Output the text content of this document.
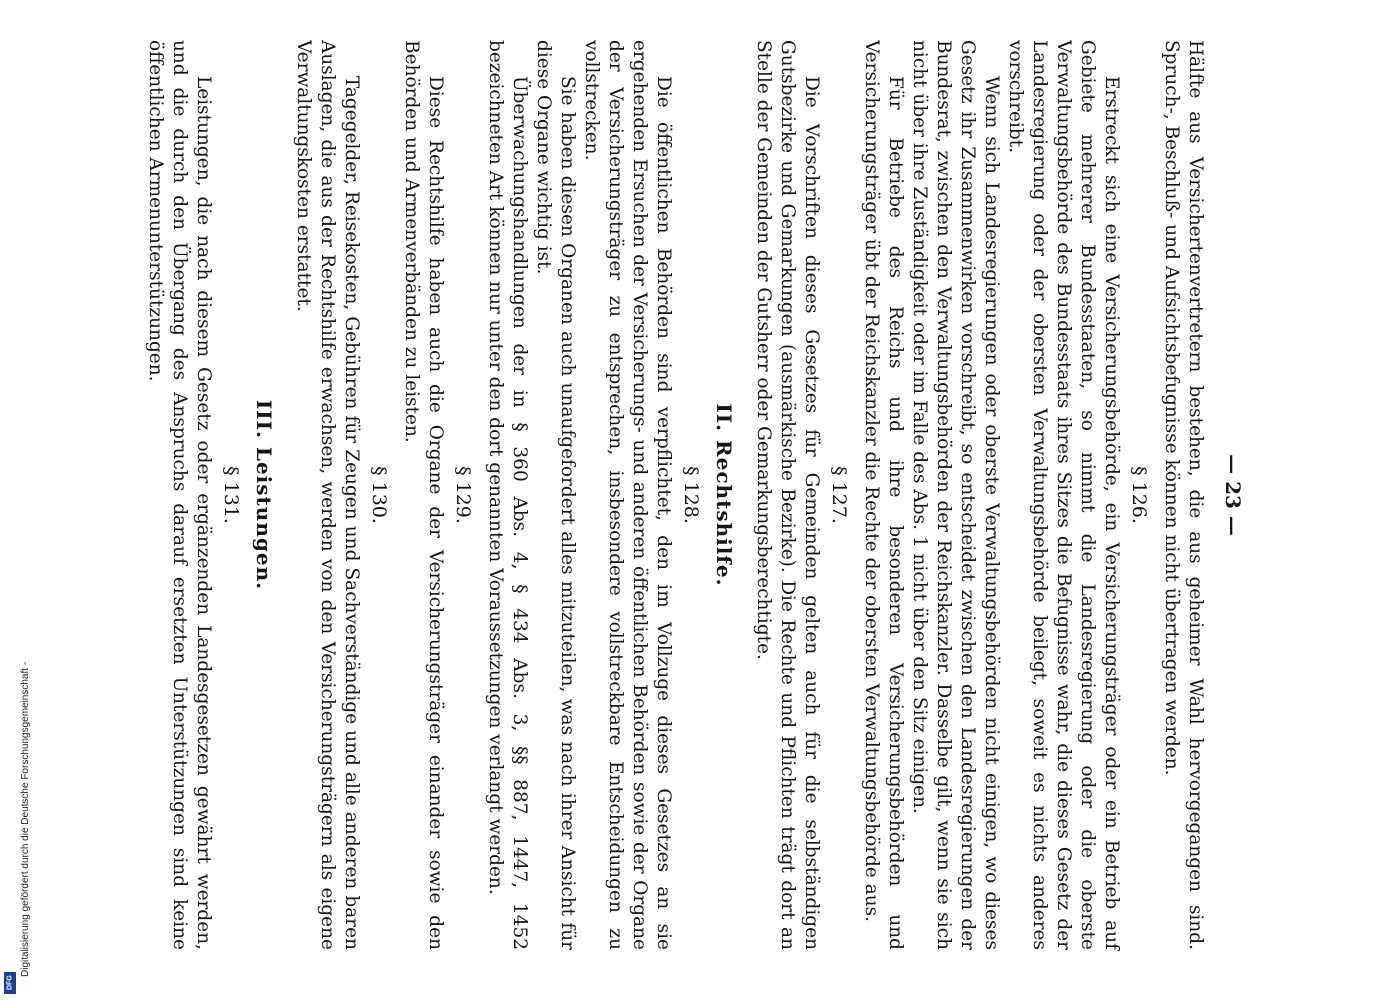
— 23 —

Hälfte aus Versichertenvertretern bestehen, die aus geheimer Wahl hervorgegangen sind. Spruch-, Beschluß- und Aufsichtsbefugnisse können nicht übertragen werden.

§ 126.

Erstreckt sich eine Versicherungsbehörde, ein Versicherungsträger oder ein Betrieb auf Gebiete mehrerer Bundesstaaten, so nimmt die Landesregierung oder die oberste Verwaltungsbehörde des Bundesstaats ihres Sitzes die Befugnisse wahr, die dieses Gesetz der Landesregierung oder der obersten Verwaltungsbehörde beilegt, soweit es nichts anderes vorschreibt.

Wenn sich Landesregierungen oder oberste Verwaltungsbehörden nicht einigen, wo dieses Gesetz ihr Zusammenwirken vorschreibt, so entscheidet zwischen den Landesregierungen der Bundesrat, zwischen den Verwaltungsbehörden der Reichskanzler. Dasselbe gilt, wenn sie sich nicht über ihre Zuständigkeit oder im Falle des Abs. 1 nicht über den Sitz einigen.

Für Betriebe des Reichs und ihre besonderen Versicherungsbehörden und Versicherungsträger übt der Reichskanzler die Rechte der obersten Verwaltungsbehörde aus.

§ 127.

Die Vorschriften dieses Gesetzes für Gemeinden gelten auch für die selbständigen Gutsbezirke und Gemarkungen (ausmärkische Bezirke). Die Rechte und Pflichten trägt dort an Stelle der Gemeinden der Gutsherr oder Gemarkungsberechtigte.

II. Rechtshilfe.
§ 128.

Die öffentlichen Behörden sind verpflichtet, den im Vollzuge dieses Gesetzes an sie ergehenden Ersuchen der Versicherungs- und anderen öffentlichen Behörden sowie der Organe der Versicherungsträger zu entsprechen, insbesondere vollstreckbare Entscheidungen zu vollstrecken.

Sie haben diesen Organen auch unaufgefordert alles mitzuteilen, was nach ihrer Ansicht für diese Organe wichtig ist.

Überwachungshandlungen der in § 360 Abs. 4, § 434 Abs. 3, §§ 887, 1447, 1452 bezeichneten Art können nur unter den dort genannten Voraussetzungen verlangt werden.

§ 129.

Diese Rechtshilfe haben auch die Organe der Versicherungsträger einander sowie den Behörden und Armenverbänden zu leisten.

§ 130.

Tagegelder, Reisekosten, Gebühren für Zeugen und Sachverständige und alle anderen baren Auslagen, die aus der Rechtshilfe erwachsen, werden von den Versicherungsträgern als eigene Verwaltungskosten erstattet.

III. Leistungen.
§ 131.

Leistungen, die nach diesem Gesetz oder ergänzenden Landesgesetzen gewährt werden, und die durch den Übergang des Anspruchs darauf ersetzten Unterstützungen sind keine öffentlichen Armenunterstützungen.

Digitalisierung gefördert durch die Deutsche Forschungsgemeinschaft -
DFG
